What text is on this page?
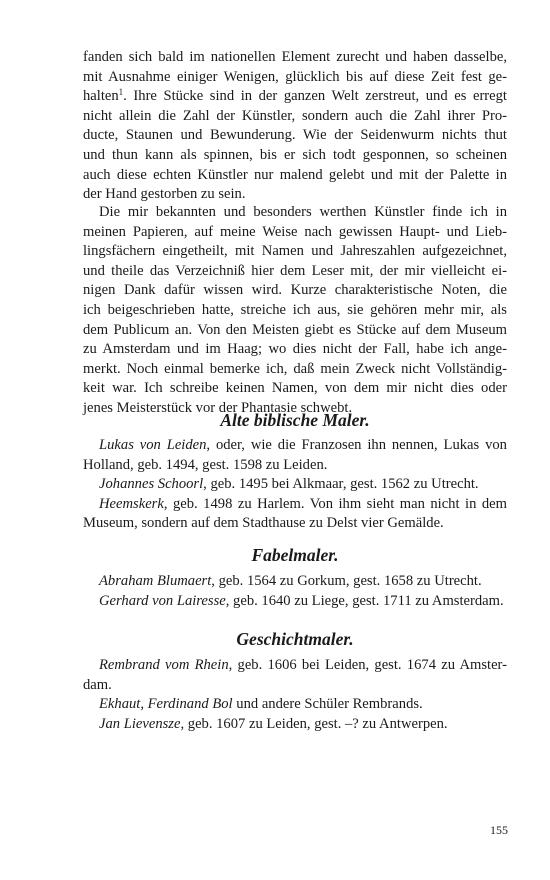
fanden sich bald im nationellen Element zurecht und haben dasselbe,
mit Ausnahme einiger Wenigen, glücklich bis auf diese Zeit fest ge-
halten$^1$. Ihre Stücke sind in der ganzen Welt zerstreut, und es erregt
nicht allein die Zahl der Künstler, sondern auch die Zahl ihrer Pro-
ducte, Staunen und Bewunderung. Wie der Seidenwurm nichts thut
und thun kann als spinnen, bis er sich todt gesponnen, so scheinen
auch diese echten Künstler nur malend gelebt und mit der Palette in
der Hand gestorben zu sein.
Die mir bekannten und besonders werthen Künstler finde ich in
meinen Papieren, auf meine Weise nach gewissen Haupt- und Lieb-
lingsfächern eingetheilt, mit Namen und Jahreszahlen aufgezeichnet,
und theile das Verzeichniß hier dem Leser mit, der mir vielleicht ei-
nigen Dank dafür wissen wird. Kurze charakteristische Noten, die
ich beigeschrieben hatte, streiche ich aus, sie gehören mehr mir, als
dem Publicum an. Von den Meisten giebt es Stücke auf dem Museum
zu Amsterdam und im Haag; wo dies nicht der Fall, habe ich ange-
merkt. Noch einmal bemerke ich, daß mein Zweck nicht Vollständig-
keit war. Ich schreibe keinen Namen, von dem mir nicht dies oder
jenes Meisterstück vor der Phantasie schwebt.
Alte biblische Maler.
Lukas von Leiden, oder, wie die Franzosen ihn nennen, Lukas von
Holland, geb. 1494, gest. 1598 zu Leiden.
Johannes Schoorl, geb. 1495 bei Alkmaar, gest. 1562 zu Utrecht.
Heemskerk, geb. 1498 zu Harlem. Von ihm sieht man nicht in dem
Museum, sondern auf dem Stadthause zu Delst vier Gemälde.
Fabelmaler.
Abraham Blumaert, geb. 1564 zu Gorkum, gest. 1658 zu Utrecht.
Gerhard von Lairesse, geb. 1640 zu Liege, gest. 1711 zu Amsterdam.
Geschichtmaler.
Rembrand vom Rhein, geb. 1606 bei Leiden, gest. 1674 zu Amster-
dam.
Ekhaut, Ferdinand Bol und andere Schüler Rembrands.
Jan Lievensze, geb. 1607 zu Leiden, gest. –? zu Antwerpen.
155
